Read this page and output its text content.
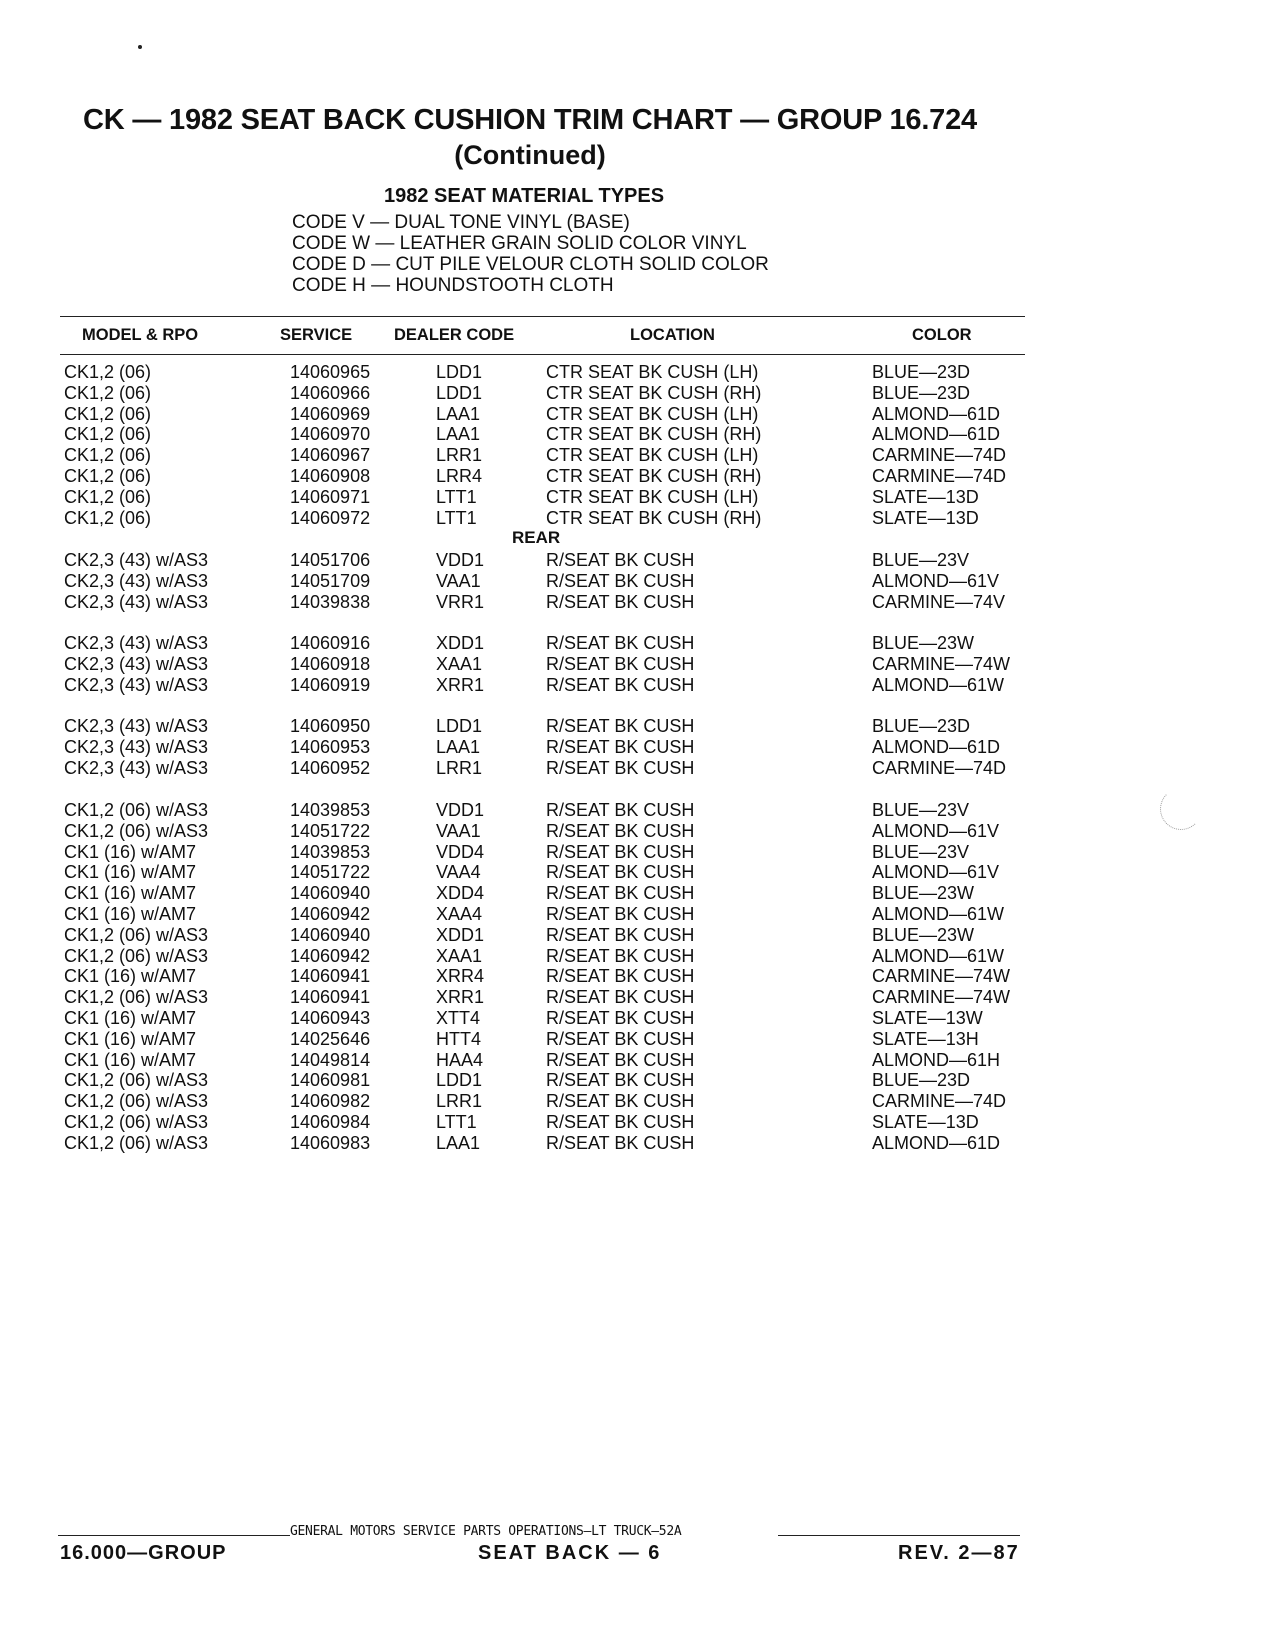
CK — 1982 SEAT BACK CUSHION TRIM CHART — GROUP 16.724
(Continued)
1982 SEAT MATERIAL TYPES
CODE V — DUAL TONE VINYL (BASE)
CODE W — LEATHER GRAIN SOLID COLOR VINYL
CODE D — CUT PILE VELOUR CLOTH SOLID COLOR
CODE H — HOUNDSTOOTH CLOTH
MODEL & RPO	SERVICE	DEALER CODE	LOCATION	COLOR
CK1,2 (06)	14060965	LDD1	CTR SEAT BK CUSH (LH)	BLUE—23D
CK1,2 (06)	14060966	LDD1	CTR SEAT BK CUSH (RH)	BLUE—23D
CK1,2 (06)	14060969	LAA1	CTR SEAT BK CUSH (LH)	ALMOND—61D
CK1,2 (06)	14060970	LAA1	CTR SEAT BK CUSH (RH)	ALMOND—61D
CK1,2 (06)	14060967	LRR1	CTR SEAT BK CUSH (LH)	CARMINE—74D
CK1,2 (06)	14060908	LRR4	CTR SEAT BK CUSH (RH)	CARMINE—74D
CK1,2 (06)	14060971	LTT1	CTR SEAT BK CUSH (LH)	SLATE—13D
CK1,2 (06)	14060972	LTT1	CTR SEAT BK CUSH (RH)	SLATE—13D
REAR
CK2,3 (43) w/AS3	14051706	VDD1	R/SEAT BK CUSH	BLUE—23V
CK2,3 (43) w/AS3	14051709	VAA1	R/SEAT BK CUSH	ALMOND—61V
CK2,3 (43) w/AS3	14039838	VRR1	R/SEAT BK CUSH	CARMINE—74V
CK2,3 (43) w/AS3	14060916	XDD1	R/SEAT BK CUSH	BLUE—23W
CK2,3 (43) w/AS3	14060918	XAA1	R/SEAT BK CUSH	CARMINE—74W
CK2,3 (43) w/AS3	14060919	XRR1	R/SEAT BK CUSH	ALMOND—61W
CK2,3 (43) w/AS3	14060950	LDD1	R/SEAT BK CUSH	BLUE—23D
CK2,3 (43) w/AS3	14060953	LAA1	R/SEAT BK CUSH	ALMOND—61D
CK2,3 (43) w/AS3	14060952	LRR1	R/SEAT BK CUSH	CARMINE—74D
CK1,2 (06) w/AS3	14039853	VDD1	R/SEAT BK CUSH	BLUE—23V
CK1,2 (06) w/AS3	14051722	VAA1	R/SEAT BK CUSH	ALMOND—61V
CK1 (16) w/AM7	14039853	VDD4	R/SEAT BK CUSH	BLUE—23V
CK1 (16) w/AM7	14051722	VAA4	R/SEAT BK CUSH	ALMOND—61V
CK1 (16) w/AM7	14060940	XDD4	R/SEAT BK CUSH	BLUE—23W
CK1 (16) w/AM7	14060942	XAA4	R/SEAT BK CUSH	ALMOND—61W
CK1,2 (06) w/AS3	14060940	XDD1	R/SEAT BK CUSH	BLUE—23W
CK1,2 (06) w/AS3	14060942	XAA1	R/SEAT BK CUSH	ALMOND—61W
CK1 (16) w/AM7	14060941	XRR4	R/SEAT BK CUSH	CARMINE—74W
CK1,2 (06) w/AS3	14060941	XRR1	R/SEAT BK CUSH	CARMINE—74W
CK1 (16) w/AM7	14060943	XTT4	R/SEAT BK CUSH	SLATE—13W
CK1 (16) w/AM7	14025646	HTT4	R/SEAT BK CUSH	SLATE—13H
CK1 (16) w/AM7	14049814	HAA4	R/SEAT BK CUSH	ALMOND—61H
CK1,2 (06) w/AS3	14060981	LDD1	R/SEAT BK CUSH	BLUE—23D
CK1,2 (06) w/AS3	14060982	LRR1	R/SEAT BK CUSH	CARMINE—74D
CK1,2 (06) w/AS3	14060984	LTT1	R/SEAT BK CUSH	SLATE—13D
CK1,2 (06) w/AS3	14060983	LAA1	R/SEAT BK CUSH	ALMOND—61D
GENERAL MOTORS SERVICE PARTS OPERATIONS—LT TRUCK—52A
16.000—GROUP	SEAT BACK — 6	REV. 2—87
